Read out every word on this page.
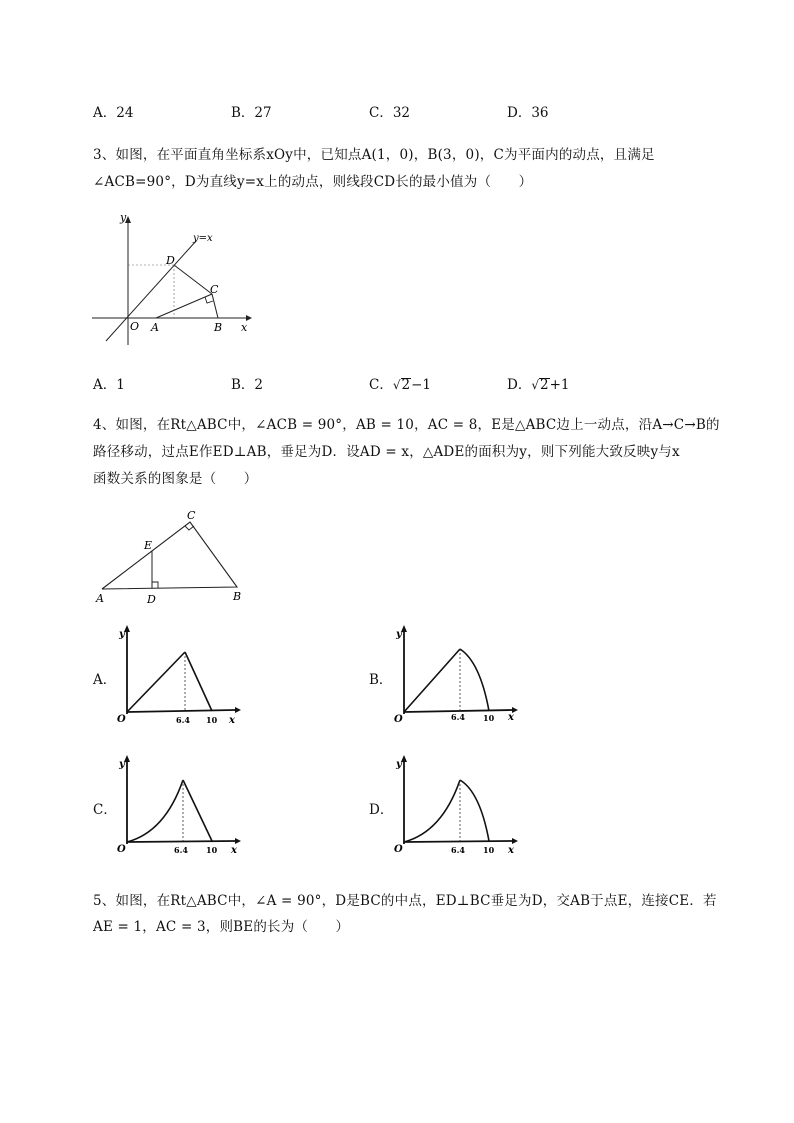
A．24	B．27	C．32	D．36
3、如图，在平面直角坐标系xOy中，已知点A(1，0)，B(3，0)，C为平面内的动点，且满足
∠ACB=90°，D为直线y=x上的动点，则线段CD长的最小值为（　　）
y
x
O
y=x
D
C
A	B
A．1	B．2	C．√2−1	D．√2+1
4、如图，在Rt△ABC中，∠ACB = 90°，AB = 10，AC = 8，E是△ABC边上一动点，沿A→C→B的
路径移动，过点E作ED⊥AB，垂足为D．设AD = x，△ADE的面积为y，则下列能大致反映y与x
函数关系的图象是（　　）
A	B
C
D
E
A．	B．
C．	D．
y
O	6.4 10 x
y
O	6.4 10 x
y
O	6.4 10 x
y
O	6.4 10 x
5、如图，在Rt△ABC中，∠A = 90°，D是BC的中点，ED⊥BC垂足为D，交AB于点E，连接CE．若
AE = 1，AC = 3，则BE的长为（　　）
